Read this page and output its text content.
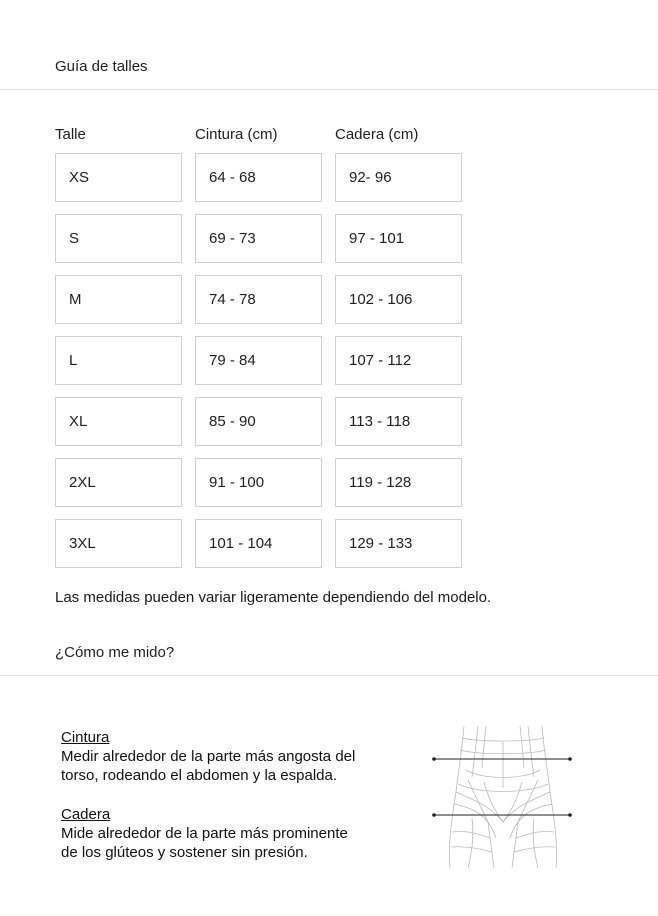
Guía de talles
Talle	Cintura (cm)	Cadera (cm)
XS	64 - 68	92- 96
S	69 - 73	97 - 101
M	74 - 78	102 - 106
L	79 - 84	107 - 112
XL	85 - 90	113 - 118
2XL	91 - 100	119 - 128
3XL	101 - 104	129 - 133
Las medidas pueden variar ligeramente dependiendo del modelo.
¿Cómo me mido?
Cintura
Medir alrededor de la parte más angosta del
torso, rodeando el abdomen y la espalda.
Cadera
Mide alrededor de la parte más prominente
de los glúteos y sostener sin presión.
